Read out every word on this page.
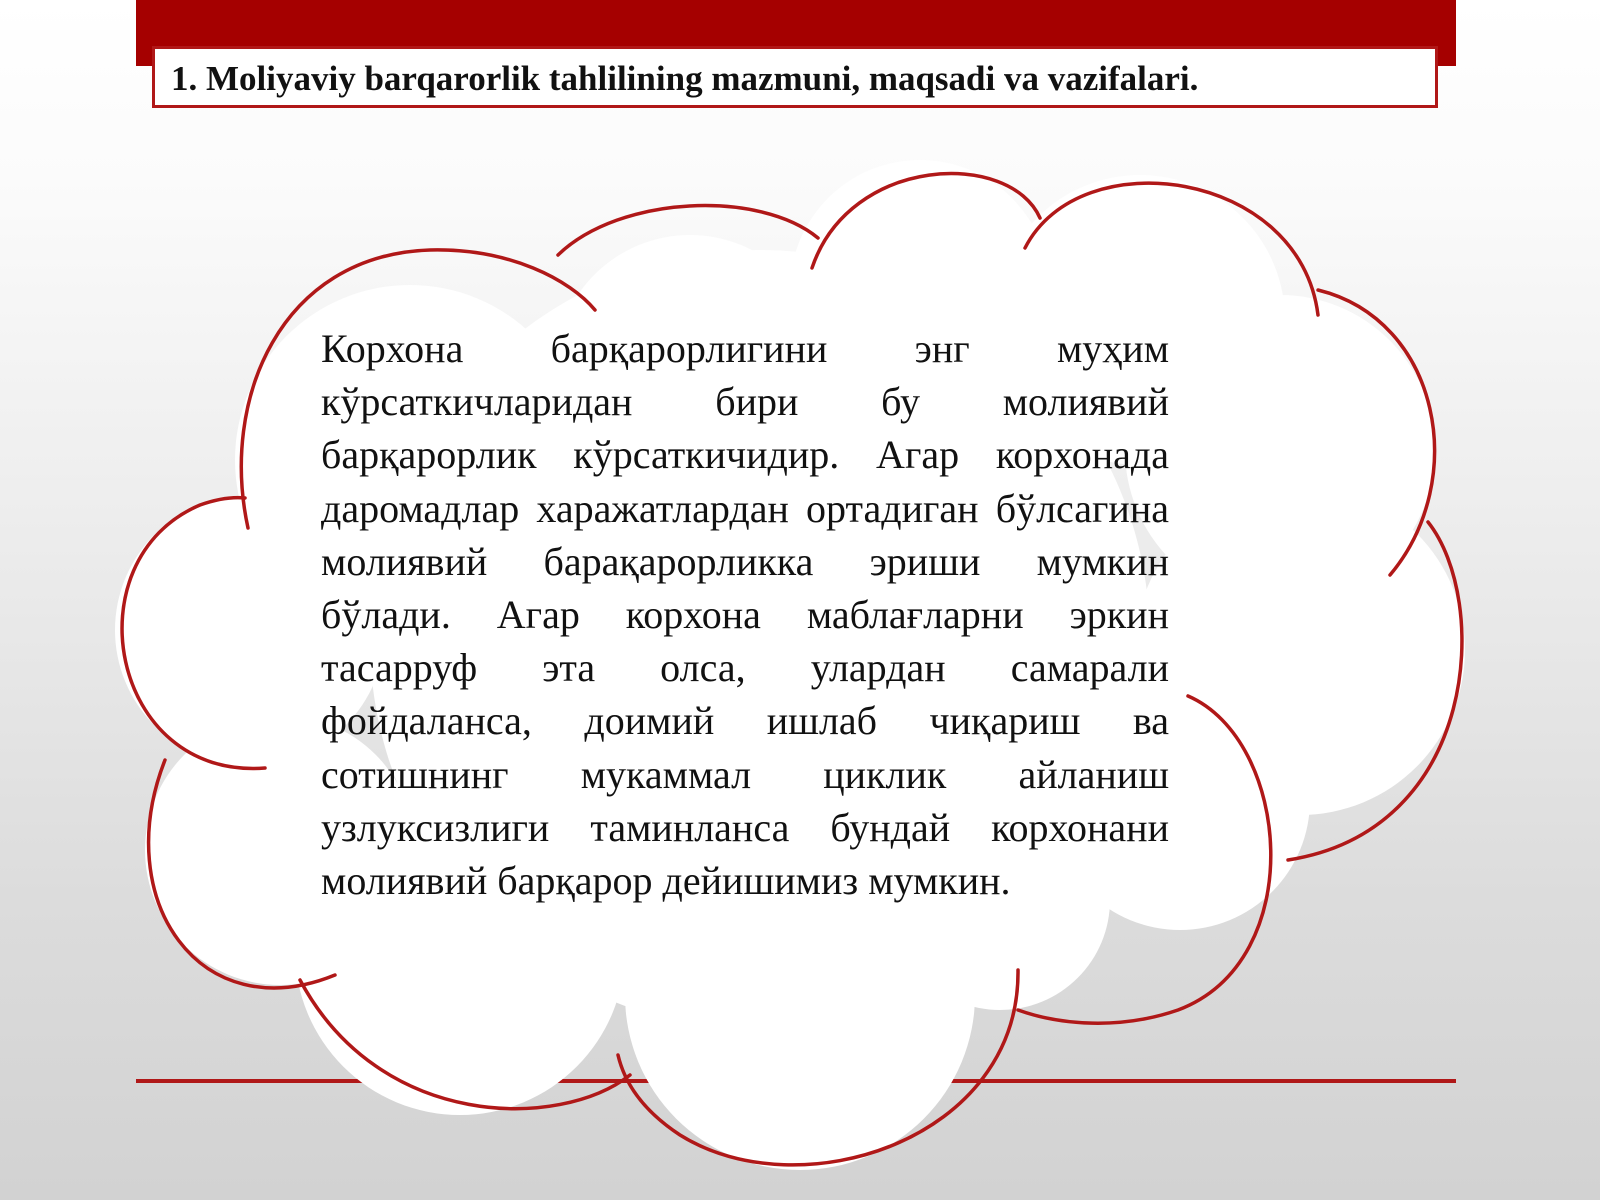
1. Moliyaviy barqarorlik tahlilining mazmuni, maqsadi va vazifalari.

Корхона барқарорлигини энг муҳим кўрсаткичларидан бири бу молиявий барқарорлик кўрсаткичидир. Агар корхонада даромадлар харажатлардан ортадиган бўлсагина молиявий барақарорликка эриши мумкин бўлади. Агар корхона маблағларни эркин тасарруф эта олса, улардан самарали фойдаланса, доимий ишлаб чиқариш ва сотишнинг мукаммал циклик айланиш узлуксизлиги таминланса бундай корхонани молиявий барқарор дейишимиз мумкин.
